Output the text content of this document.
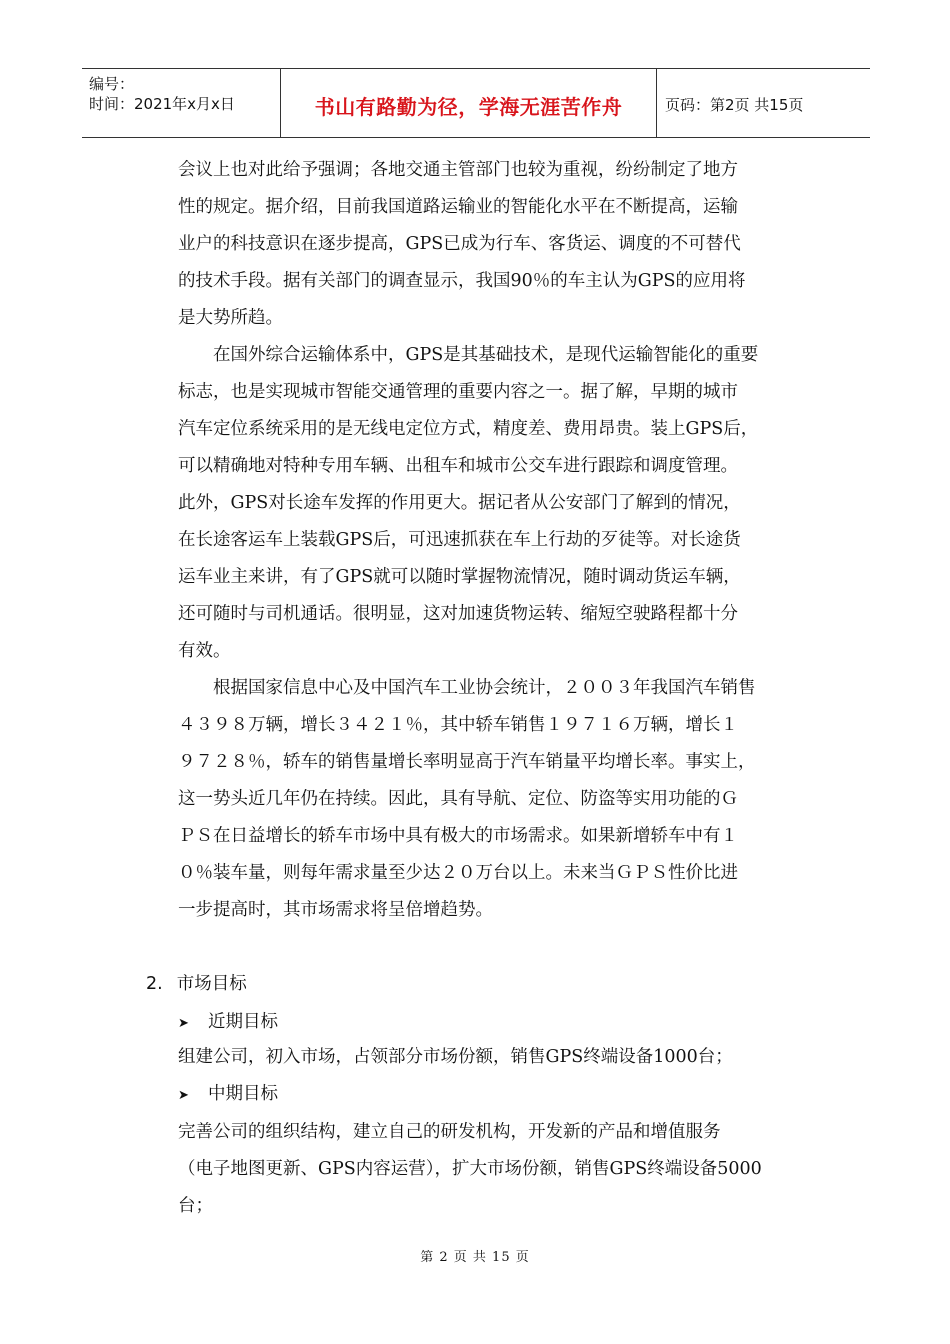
编号：
时间：2021年x月x日	书山有路勤为径，学海无涯苦作舟	页码：第2页 共15页
会议上也对此给予强调；各地交通主管部门也较为重视，纷纷制定了地方
性的规定。据介绍，目前我国道路运输业的智能化水平在不断提高，运输
业户的科技意识在逐步提高，GPS已成为行车、客货运、调度的不可替代
的技术手段。据有关部门的调查显示，我国90％的车主认为GPS的应用将
是大势所趋。
在国外综合运输体系中，GPS是其基础技术，是现代运输智能化的重要
标志，也是实现城市智能交通管理的重要内容之一。据了解，早期的城市
汽车定位系统采用的是无线电定位方式，精度差、费用昂贵。装上GPS后，
可以精确地对特种专用车辆、出租车和城市公交车进行跟踪和调度管理。
此外，GPS对长途车发挥的作用更大。据记者从公安部门了解到的情况，
在长途客运车上装载GPS后，可迅速抓获在车上行劫的歹徒等。对长途货
运车业主来讲，有了GPS就可以随时掌握物流情况，随时调动货运车辆，
还可随时与司机通话。很明显，这对加速货物运转、缩短空驶路程都十分
有效。
根据国家信息中心及中国汽车工业协会统计，２００３年我国汽车销售
４３９８万辆，增长３４２１％，其中轿车销售１９７１６万辆，增长１
９７２８％，轿车的销售量增长率明显高于汽车销量平均增长率。事实上，
这一势头近几年仍在持续。因此，具有导航、定位、防盗等实用功能的Ｇ
ＰＳ在日益增长的轿车市场中具有极大的市场需求。如果新增轿车中有１
０％装车量，则每年需求量至少达２０万台以上。未来当ＧＰＳ性价比进
一步提高时，其市场需求将呈倍增趋势。
2. 市场目标
➤ 近期目标
组建公司，初入市场，占领部分市场份额，销售GPS终端设备1000台；
➤ 中期目标
完善公司的组织结构，建立自己的研发机构，开发新的产品和增值服务
（电子地图更新、GPS内容运营），扩大市场份额，销售GPS终端设备5000
台；
第 2 页 共 15 页
